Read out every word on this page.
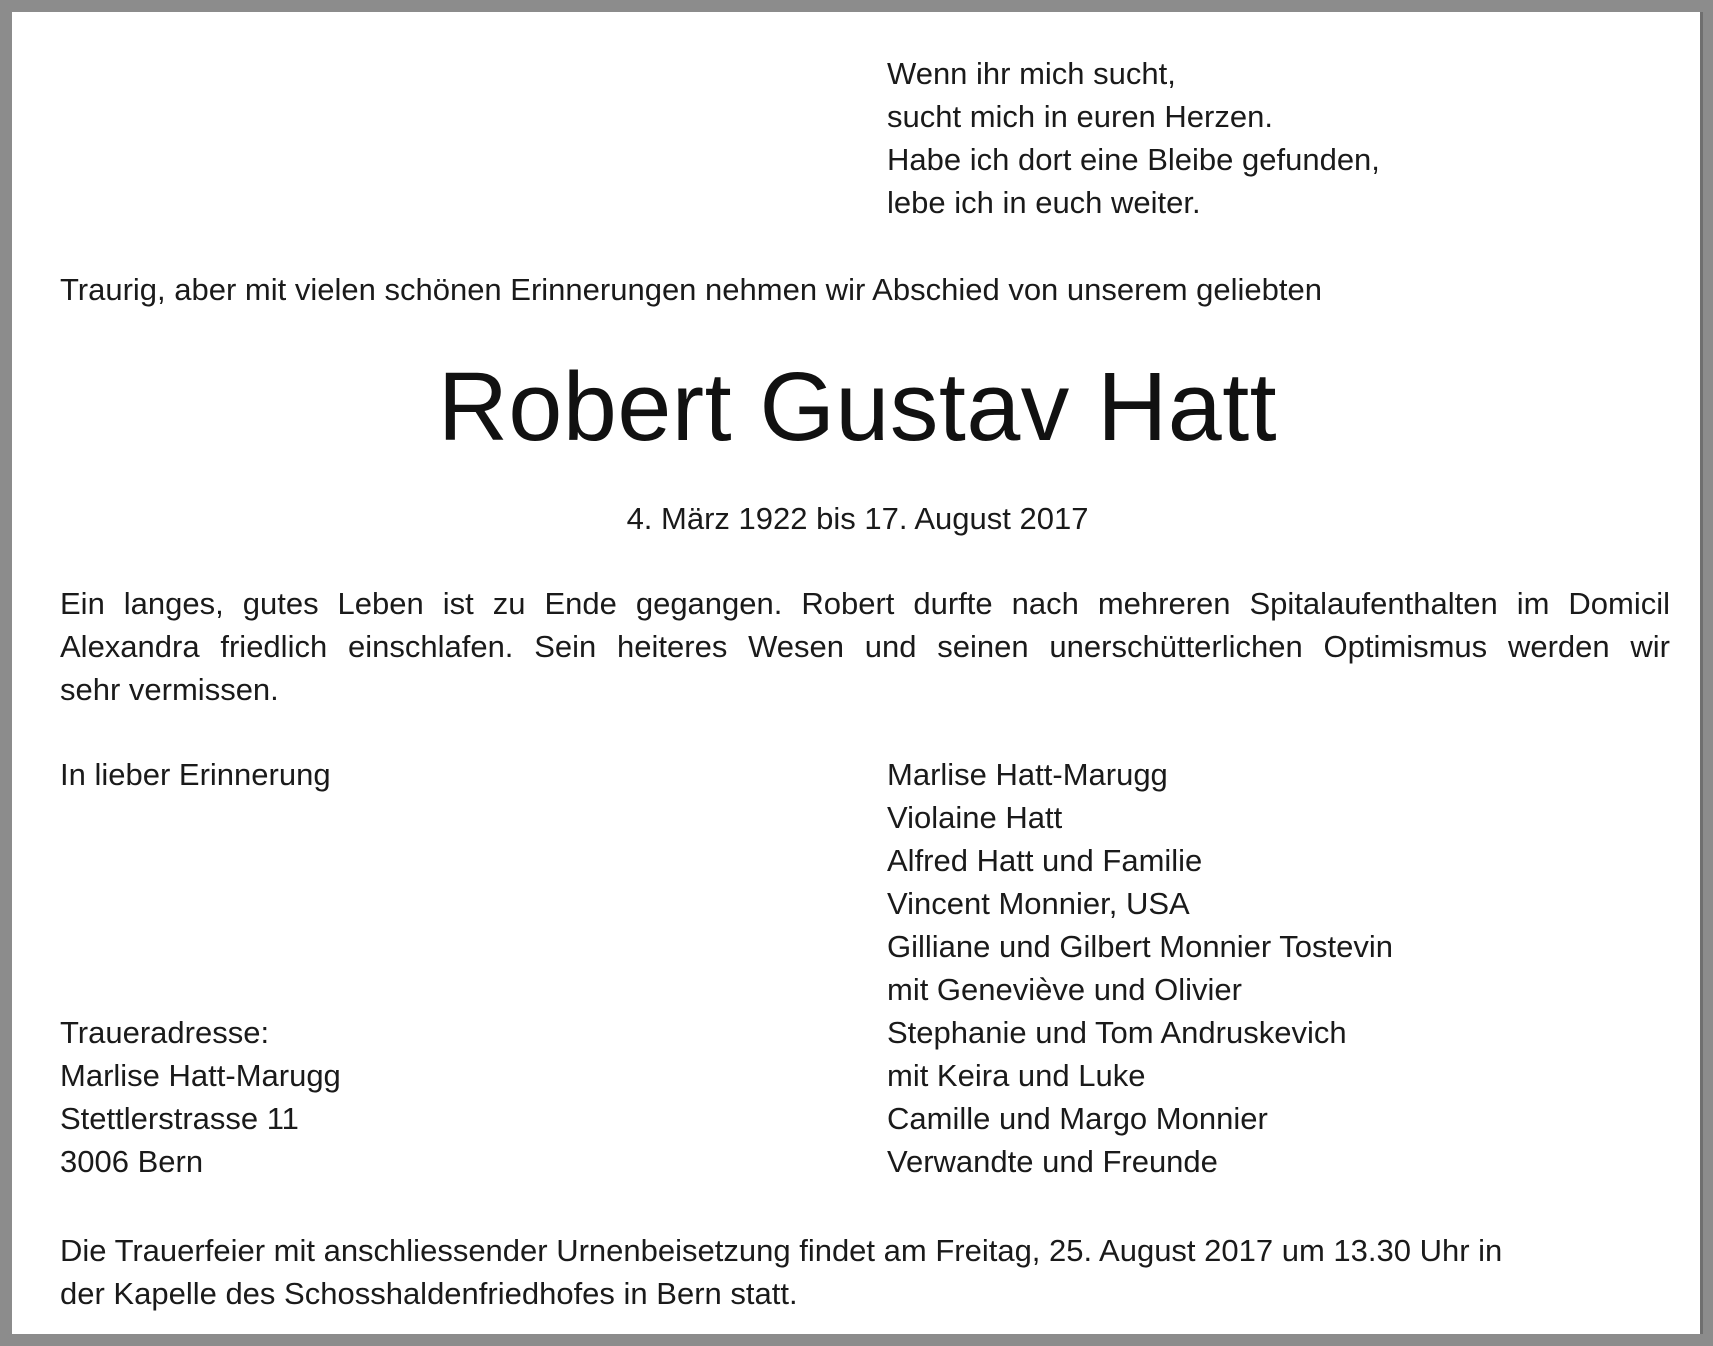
Wenn ihr mich sucht,
sucht mich in euren Herzen.
Habe ich dort eine Bleibe gefunden,
lebe ich in euch weiter.
Traurig, aber mit vielen schönen Erinnerungen nehmen wir Abschied von unserem geliebten
Robert Gustav Hatt
4. März 1922 bis 17. August 2017
Ein langes, gutes Leben ist zu Ende gegangen. Robert durfte nach mehreren Spitalaufenthalten im Domicil
Alexandra friedlich einschlafen. Sein heiteres Wesen und seinen unerschütterlichen Optimismus werden wir
sehr vermissen.
In lieber Erinnerung	Marlise Hatt-Marugg
Violaine Hatt
Alfred Hatt und Familie
Vincent Monnier, USA
Gilliane und Gilbert Monnier Tostevin
mit Geneviève und Olivier
Stephanie und Tom Andruskevich
mit Keira und Luke
Camille und Margo Monnier
Verwandte und Freunde
Traueradresse:
Marlise Hatt-Marugg
Stettlerstrasse 11
3006 Bern
Die Trauerfeier mit anschliessender Urnenbeisetzung findet am Freitag, 25. August 2017 um 13.30 Uhr in
der Kapelle des Schosshaldenfriedhofes in Bern statt.
